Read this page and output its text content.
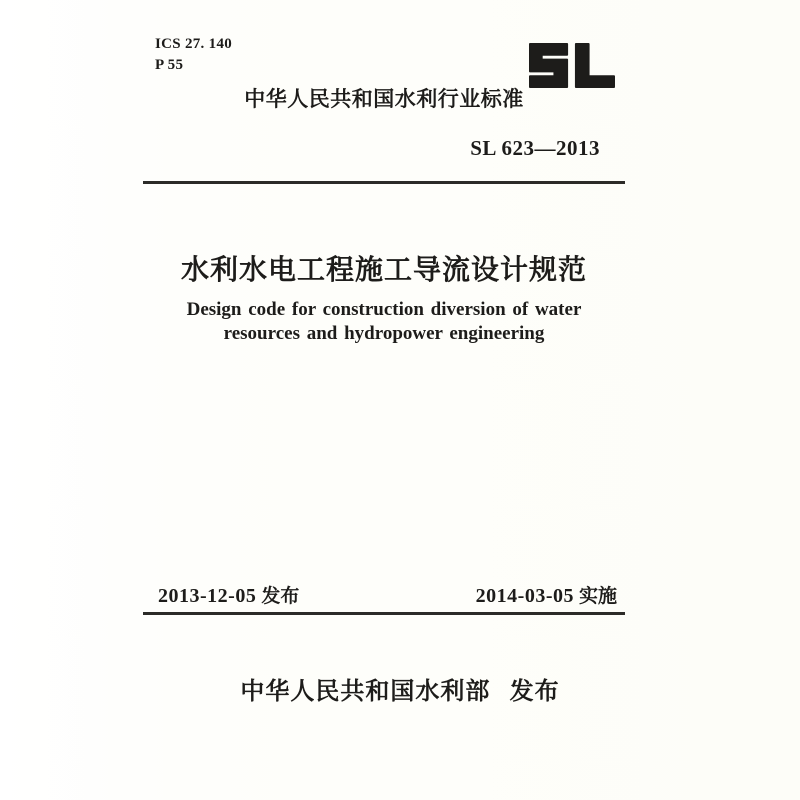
ICS 27. 140
P 55
中华人民共和国水利行业标准
SL 623—2013
水利水电工程施工导流设计规范
Design code for construction diversion of water
resources and hydropower engineering
2013-12-05 发布	2014-03-05 实施
中华人民共和国水利部 发布
